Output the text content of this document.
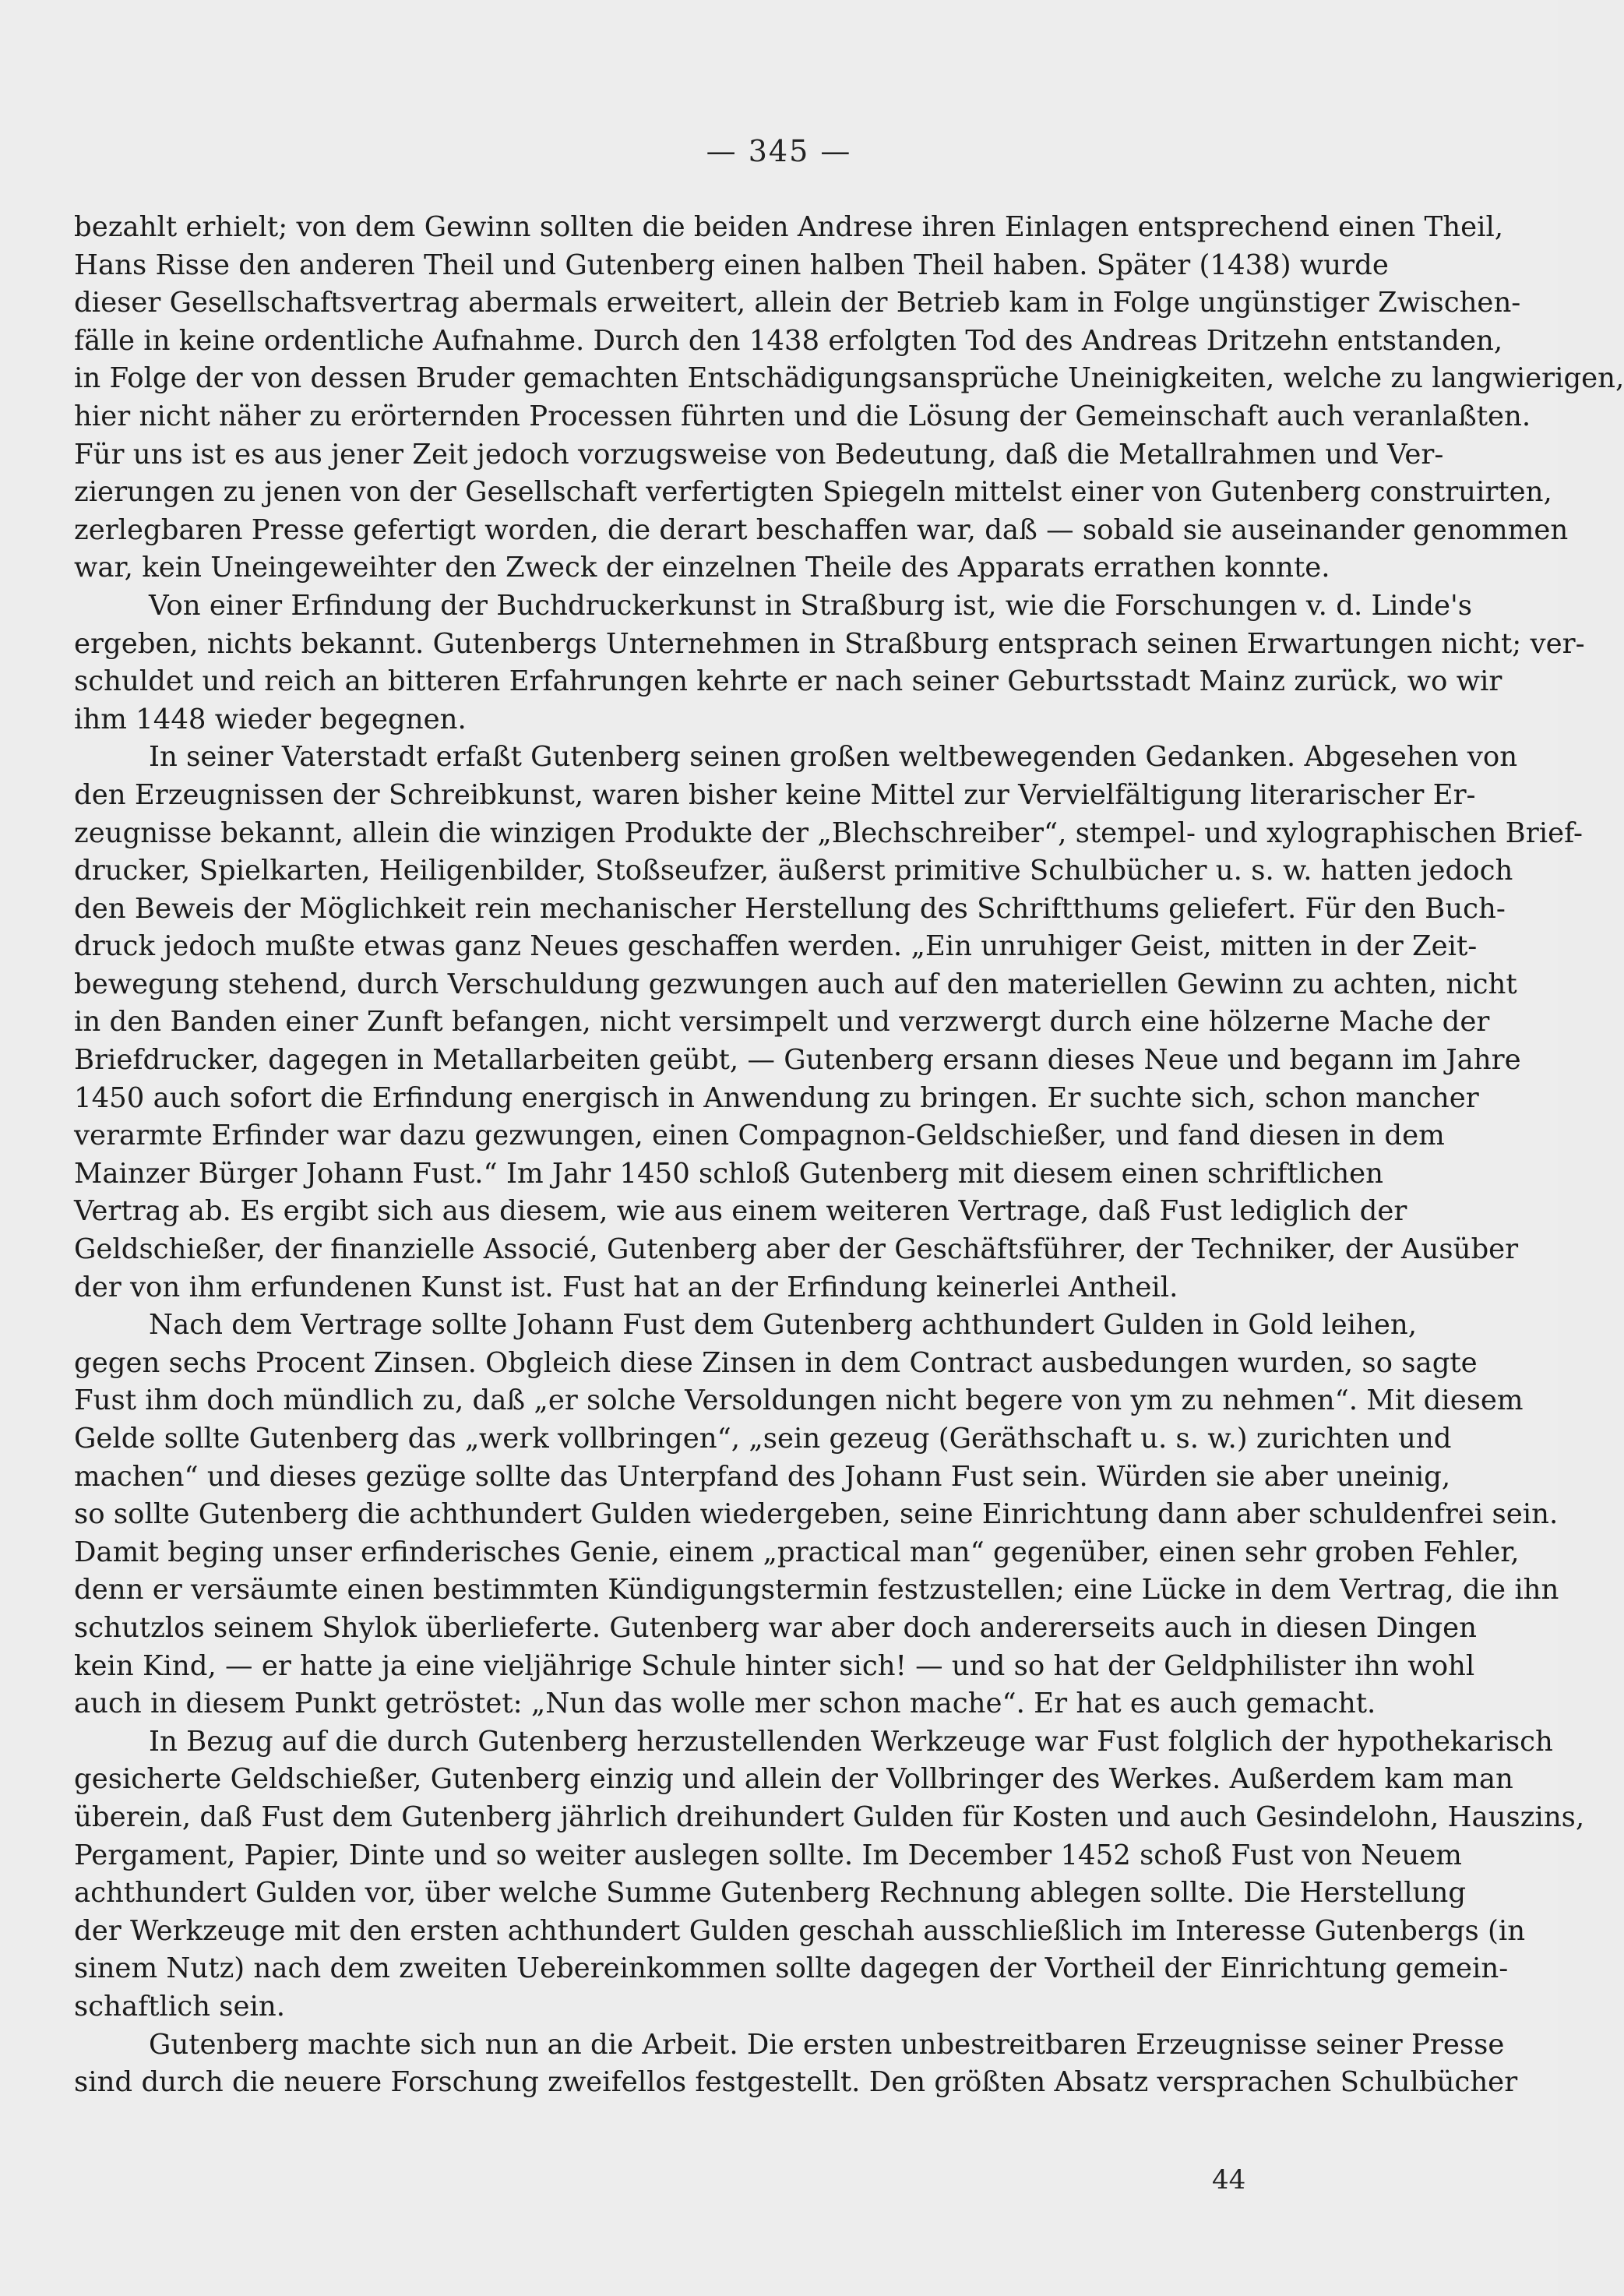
— 345 —
bezahlt erhielt; von dem Gewinn sollten die beiden Andrese ihren Einlagen entsprechend einen Theil,
Hans Risse den anderen Theil und Gutenberg einen halben Theil haben. Später (1438) wurde
dieser Gesellschaftsvertrag abermals erweitert, allein der Betrieb kam in Folge ungünstiger Zwischen-
fälle in keine ordentliche Aufnahme. Durch den 1438 erfolgten Tod des Andreas Dritzehn entstanden,
in Folge der von dessen Bruder gemachten Entschädigungsansprüche Uneinigkeiten, welche zu langwierigen,
hier nicht näher zu erörternden Processen führten und die Lösung der Gemeinschaft auch veranlaßten.
Für uns ist es aus jener Zeit jedoch vorzugsweise von Bedeutung, daß die Metallrahmen und Ver-
zierungen zu jenen von der Gesellschaft verfertigten Spiegeln mittelst einer von Gutenberg construirten,
zerlegbaren Presse gefertigt worden, die derart beschaffen war, daß — sobald sie auseinander genommen
war, kein Uneingeweihter den Zweck der einzelnen Theile des Apparats errathen konnte.
Von einer Erfindung der Buchdruckerkunst in Straßburg ist, wie die Forschungen v. d. Linde's
ergeben, nichts bekannt. Gutenbergs Unternehmen in Straßburg entsprach seinen Erwartungen nicht; ver-
schuldet und reich an bitteren Erfahrungen kehrte er nach seiner Geburtsstadt Mainz zurück, wo wir
ihm 1448 wieder begegnen.
In seiner Vaterstadt erfaßt Gutenberg seinen großen weltbewegenden Gedanken. Abgesehen von
den Erzeugnissen der Schreibkunst, waren bisher keine Mittel zur Vervielfältigung literarischer Er-
zeugnisse bekannt, allein die winzigen Produkte der „Blechschreiber“, stempel- und xylographischen Brief-
drucker, Spielkarten, Heiligenbilder, Stoßseufzer, äußerst primitive Schulbücher u. s. w. hatten jedoch
den Beweis der Möglichkeit rein mechanischer Herstellung des Schriftthums geliefert. Für den Buch-
druck jedoch mußte etwas ganz Neues geschaffen werden. „Ein unruhiger Geist, mitten in der Zeit-
bewegung stehend, durch Verschuldung gezwungen auch auf den materiellen Gewinn zu achten, nicht
in den Banden einer Zunft befangen, nicht versimpelt und verzwergt durch eine hölzerne Mache der
Briefdrucker, dagegen in Metallarbeiten geübt, — Gutenberg ersann dieses Neue und begann im Jahre
1450 auch sofort die Erfindung energisch in Anwendung zu bringen. Er suchte sich, schon mancher
verarmte Erfinder war dazu gezwungen, einen Compagnon-Geldschießer, und fand diesen in dem
Mainzer Bürger Johann Fust.“ Im Jahr 1450 schloß Gutenberg mit diesem einen schriftlichen
Vertrag ab. Es ergibt sich aus diesem, wie aus einem weiteren Vertrage, daß Fust lediglich der
Geldschießer, der finanzielle Associé, Gutenberg aber der Geschäftsführer, der Techniker, der Ausüber
der von ihm erfundenen Kunst ist. Fust hat an der Erfindung keinerlei Antheil.
Nach dem Vertrage sollte Johann Fust dem Gutenberg achthundert Gulden in Gold leihen,
gegen sechs Procent Zinsen. Obgleich diese Zinsen in dem Contract ausbedungen wurden, so sagte
Fust ihm doch mündlich zu, daß „er solche Versoldungen nicht begere von ym zu nehmen“. Mit diesem
Gelde sollte Gutenberg das „werk vollbringen“, „sein gezeug (Geräthschaft u. s. w.) zurichten und
machen“ und dieses gezüge sollte das Unterpfand des Johann Fust sein. Würden sie aber uneinig,
so sollte Gutenberg die achthundert Gulden wiedergeben, seine Einrichtung dann aber schuldenfrei sein.
Damit beging unser erfinderisches Genie, einem „practical man“ gegenüber, einen sehr groben Fehler,
denn er versäumte einen bestimmten Kündigungstermin festzustellen; eine Lücke in dem Vertrag, die ihn
schutzlos seinem Shylok überlieferte. Gutenberg war aber doch andererseits auch in diesen Dingen
kein Kind, — er hatte ja eine vieljährige Schule hinter sich! — und so hat der Geldphilister ihn wohl
auch in diesem Punkt getröstet: „Nun das wolle mer schon mache“. Er hat es auch gemacht.
In Bezug auf die durch Gutenberg herzustellenden Werkzeuge war Fust folglich der hypothekarisch
gesicherte Geldschießer, Gutenberg einzig und allein der Vollbringer des Werkes. Außerdem kam man
überein, daß Fust dem Gutenberg jährlich dreihundert Gulden für Kosten und auch Gesindelohn, Hauszins,
Pergament, Papier, Dinte und so weiter auslegen sollte. Im December 1452 schoß Fust von Neuem
achthundert Gulden vor, über welche Summe Gutenberg Rechnung ablegen sollte. Die Herstellung
der Werkzeuge mit den ersten achthundert Gulden geschah ausschließlich im Interesse Gutenbergs (in
sinem Nutz) nach dem zweiten Uebereinkommen sollte dagegen der Vortheil der Einrichtung gemein-
schaftlich sein.
Gutenberg machte sich nun an die Arbeit. Die ersten unbestreitbaren Erzeugnisse seiner Presse
sind durch die neuere Forschung zweifellos festgestellt. Den größten Absatz versprachen Schulbücher
44
